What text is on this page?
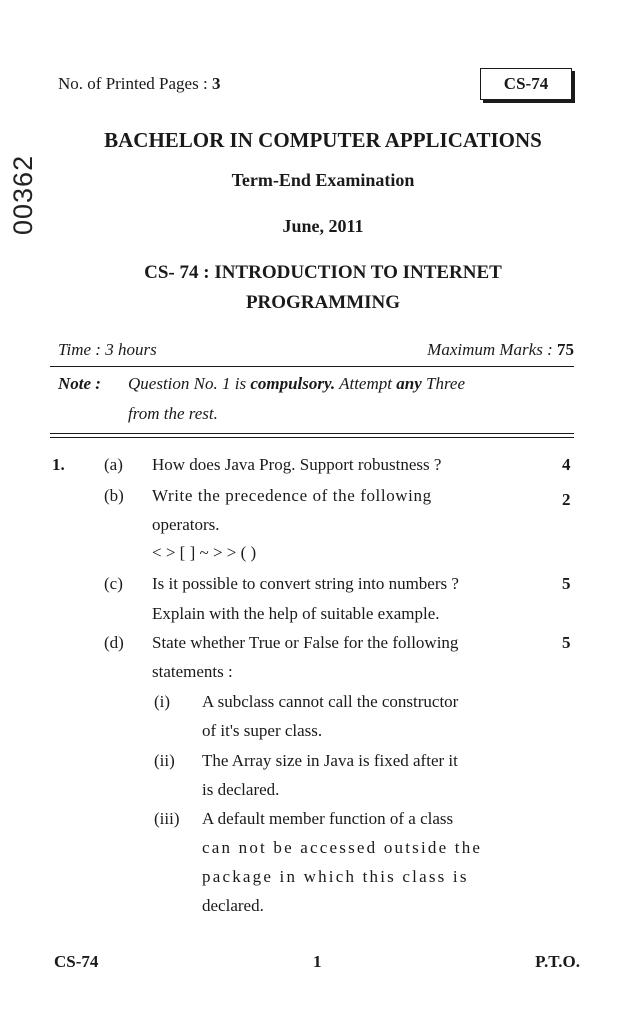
No. of Printed Pages : 3	CS-74
00362
BACHELOR IN COMPUTER APPLICATIONS
Term-End Examination
June, 2011
CS- 74 : INTRODUCTION TO INTERNET
PROGRAMMING
Time : 3 hours	Maximum Marks : 75
Note : Question No. 1 is compulsory. Attempt any Three
from the rest.
1. (a) How does Java Prog. Support robustness ?	4
(b) Write the precedence of the following	2
operators.
< > [ ] ~ > > ( )
(c) Is it possible to convert string into numbers ?	5
Explain with the help of suitable example.
(d) State whether True or False for the following	5
statements :
(i) A subclass cannot call the constructor
of it's super class.
(ii) The Array size in Java is fixed after it
is declared.
(iii) A default member function of a class
can not be accessed outside the
package in which this class is
declared.
CS-74	1	P.T.O.
